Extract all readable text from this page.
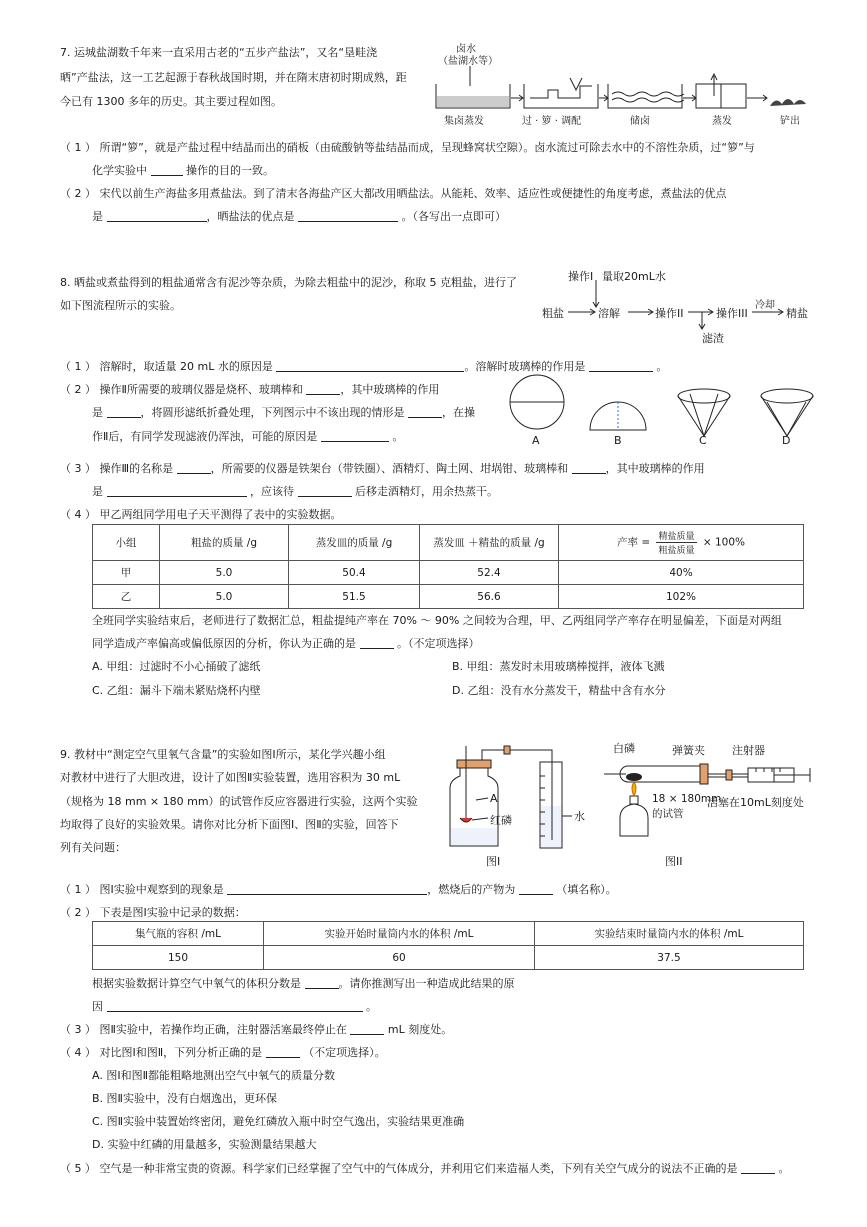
7. 运城盐湖数千年来一直采用古老的“五步产盐法”，又名“垦畦浇
晒”产盐法，这一工艺起源于春秋战国时期，并在隋末唐初时期成熟，距
今已有 1300 多年的历史。其主要过程如图。
卤水
（盐湖水等）
集卤蒸发	过 · 箩 · 调配	储卤	蒸发	铲出
（ 1 ） 所谓“箩”，就是产盐过程中结晶而出的硝板（由硫酸钠等盐结晶而成，呈现蜂窝状空隙）。卤水流过可除去水中的不溶性杂质，过“箩”与
化学实验中	操作的目的一致。
（ 2 ） 宋代以前生产海盐多用煮盐法。到了清末各海盐产区大都改用晒盐法。从能耗、效率、适应性或便捷性的角度考虑，煮盐法的优点
是	，晒盐法的优点是	。（各写出一点即可）
8. 晒盐或煮盐得到的粗盐通常含有泥沙等杂质，为除去粗盐中的泥沙，称取 5 克粗盐，进行了
如下图流程所示的实验。
操作I 量取20mL水
粗盐	溶解	操作II	操作III
冷却
精盐
滤渣
（ 1 ） 溶解时，取适量 20 mL 水的原因是	。溶解时玻璃棒的作用是	。
（ 2 ） 操作Ⅱ所需要的玻璃仪器是烧杯、玻璃棒和	，其中玻璃棒的作用
是	，将圆形滤纸折叠处理，下列图示中不该出现的情形是	，在操
作Ⅱ后，有同学发现滤液仍浑浊，可能的原因是	。	A	B	C	D
（ 3 ） 操作Ⅲ的名称是	，所需要的仪器是铁架台（带铁圈）、酒精灯、陶土网、坩埚钳、玻璃棒和	，其中玻璃棒的作用
是	，应该待	后移走酒精灯，用余热蒸干。
（ 4 ） 甲乙两组同学用电子天平测得了表中的实验数据。
小组	粗盐的质量 /g	蒸发皿的质量 /g	蒸发皿 ＋精盐的质量 /g	产率 = 精盐质量
粗盐质量
× 100%
甲	5.0	50.4	52.4	40%
乙	5.0	51.5	56.6	102%
全班同学实验结束后，老师进行了数据汇总，粗盐提纯产率在 70% ～ 90% 之间较为合理，甲、乙两组同学产率存在明显偏差，下面是对两组
同学造成产率偏高或偏低原因的分析，你认为正确的是	。（不定项选择）
A. 甲组：过滤时不小心捅破了滤纸	B. 甲组：蒸发时未用玻璃棒搅拌，液体飞溅
C. 乙组：漏斗下端未紧贴烧杯内壁	D. 乙组：没有水分蒸发干，精盐中含有水分
9. 教材中“测定空气里氧气含量”的实验如图Ⅰ所示，某化学兴趣小组
对教材中进行了大胆改进，设计了如图Ⅱ实验装置，选用容积为 30 mL
（规格为 18 mm × 180 mm）的试管作反应容器进行实验，这两个实验
均取得了良好的实验效果。请你对比分析下面图Ⅰ、图Ⅱ的实验，回答下
列有关问题：
A
红磷	水
图I
白磷	弹簧夹 注射器
18 × 180mm
的试管
活塞在10mL刻度处
图II
（ 1 ） 图Ⅰ实验中观察到的现象是	，燃烧后的产物为	（填名称）。
（ 2 ） 下表是图Ⅰ实验中记录的数据：
集气瓶的容积 /mL	实验开始时量筒内水的体积 /mL	实验结束时量筒内水的体积 /mL
150	60	37.5
根据实验数据计算空气中氧气的体积分数是	。请你推测写出一种造成此结果的原
因	。
（ 3 ） 图Ⅱ实验中，若操作均正确，注射器活塞最终停止在	mL 刻度处。
（ 4 ） 对比图Ⅰ和图Ⅱ，下列分析正确的是	（不定项选择）。
A. 图Ⅰ和图Ⅱ都能粗略地测出空气中氧气的质量分数
B. 图Ⅱ实验中，没有白烟逸出，更环保
C. 图Ⅱ实验中装置始终密闭，避免红磷放入瓶中时空气逸出，实验结果更准确
D. 实验中红磷的用量越多，实验测量结果越大
（ 5 ） 空气是一种非常宝贵的资源。科学家们已经掌握了空气中的气体成分，并利用它们来造福人类，下列有关空气成分的说法不正确的是	。
